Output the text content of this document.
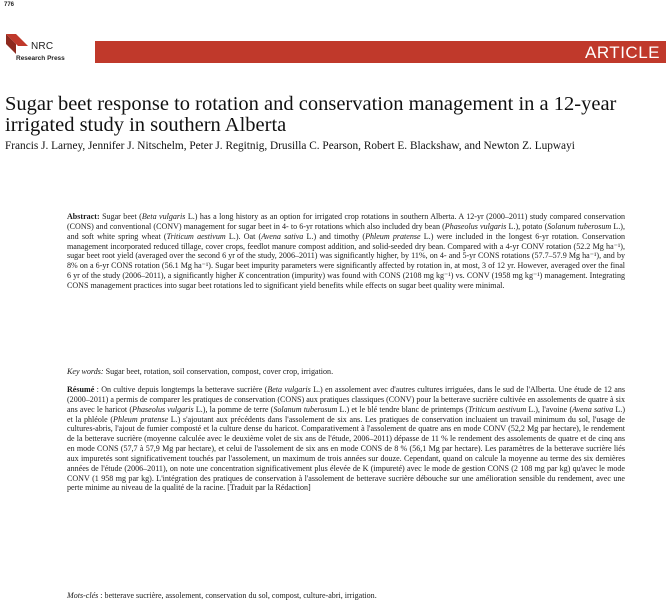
776
NRC
Research Press	ARTICLE
Sugar beet response to rotation and conservation management in a 12-year irrigated study in southern Alberta

Francis J. Larney, Jennifer J. Nitschelm, Peter J. Regitnig, Drusilla C. Pearson, Robert E. Blackshaw, and Newton Z. Lupwayi

Abstract: Sugar beet (Beta vulgaris L.) has a long history as an option for irrigated crop rotations in southern Alberta. A 12-yr (2000–2011) study compared conservation (CONS) and conventional (CONV) management for sugar beet in 4- to 6-yr rotations which also included dry bean (Phaseolus vulgaris L.), potato (Solanum tuberosum L.), and soft white spring wheat (Triticum aestivum L.). Oat (Avena sativa L.) and timothy (Phleum pratense L.) were included in the longest 6-yr rotation. Conservation management incorporated reduced tillage, cover crops, feedlot manure compost addition, and solid-seeded dry bean. Compared with a 4-yr CONV rotation (52.2 Mg ha⁻¹), sugar beet root yield (averaged over the second 6 yr of the study, 2006–2011) was significantly higher, by 11%, on 4- and 5-yr CONS rotations (57.7–57.9 Mg ha⁻¹), and by 8% on a 6-yr CONS rotation (56.1 Mg ha⁻¹). Sugar beet impurity parameters were significantly affected by rotation in, at most, 3 of 12 yr. However, averaged over the final 6 yr of the study (2006–2011), a significantly higher K concentration (impurity) was found with CONS (2108 mg kg⁻¹) vs. CONV (1958 mg kg⁻¹) management. Integrating CONS management practices into sugar beet rotations led to significant yield benefits while effects on sugar beet quality were minimal.

Key words: Sugar beet, rotation, soil conservation, compost, cover crop, irrigation.

Résumé : On cultive depuis longtemps la betterave sucrière (Beta vulgaris L.) en assolement avec d'autres cultures irriguées, dans le sud de l'Alberta. Une étude de 12 ans (2000–2011) a permis de comparer les pratiques de conservation (CONS) aux pratiques classiques (CONV) pour la betterave sucrière cultivée en assolements de quatre à six ans avec le haricot (Phaseolus vulgaris L.), la pomme de terre (Solanum tuberosum L.) et le blé tendre blanc de printemps (Triticum aestivum L.), l'avoine (Avena sativa L.) et la phléole (Phleum pratense L.) s'ajoutant aux précédents dans l'assolement de six ans. Les pratiques de conservation incluaient un travail minimum du sol, l'usage de cultures-abris, l'ajout de fumier composté et la culture dense du haricot. Comparativement à l'assolement de quatre ans en mode CONV (52,2 Mg par hectare), le rendement de la betterave sucrière (moyenne calculée avec le deuxième volet de six ans de l'étude, 2006–2011) dépasse de 11 % le rendement des assolements de quatre et de cinq ans en mode CONS (57,7 à 57,9 Mg par hectare), et celui de l'assolement de six ans en mode CONS de 8 % (56,1 Mg par hectare). Les paramètres de la betterave sucrière liés aux impuretés sont significativement touchés par l'assolement, un maximum de trois années sur douze. Cependant, quand on calcule la moyenne au terme des six dernières années de l'étude (2006–2011), on note une concentration significativement plus élevée de K (impureté) avec le mode de gestion CONS (2 108 mg par kg) qu'avec le mode CONV (1 958 mg par kg). L'intégration des pratiques de conservation à l'assolement de betterave sucrière débouche sur une amélioration sensible du rendement, avec une perte minime au niveau de la qualité de la racine. [Traduit par la Rédaction]

Mots-clés : betterave sucrière, assolement, conservation du sol, compost, culture-abri, irrigation.
